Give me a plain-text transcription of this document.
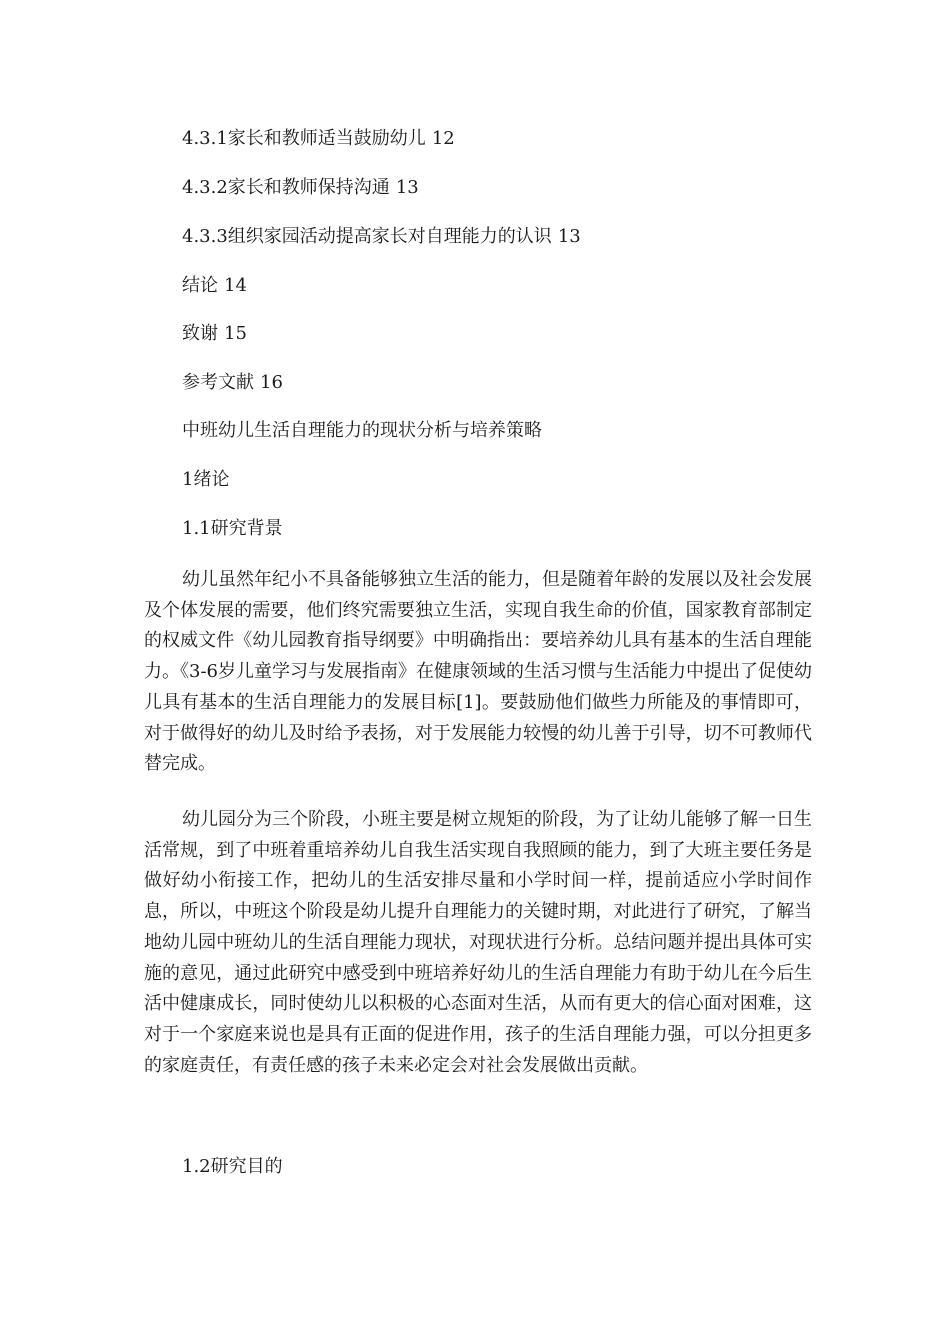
4.3.1家长和教师适当鼓励幼儿 12
4.3.2家长和教师保持沟通 13
4.3.3组织家园活动提高家长对自理能力的认识 13
结论 14
致谢 15
参考文献 16
中班幼儿生活自理能力的现状分析与培养策略
1绪论
1.1研究背景

幼儿虽然年纪小不具备能够独立生活的能力，但是随着年龄的发展以及社会发展及个体发展的需要，他们终究需要独立生活，实现自我生命的价值，国家教育部制定的权威文件《幼儿园教育指导纲要》中明确指出：要培养幼儿具有基本的生活自理能力。《3-6岁儿童学习与发展指南》在健康领域的生活习惯与生活能力中提出了促使幼儿具有基本的生活自理能力的发展目标[1]。要鼓励他们做些力所能及的事情即可，对于做得好的幼儿及时给予表扬，对于发展能力较慢的幼儿善于引导，切不可教师代替完成。

幼儿园分为三个阶段，小班主要是树立规矩的阶段，为了让幼儿能够了解一日生活常规，到了中班着重培养幼儿自我生活实现自我照顾的能力，到了大班主要任务是做好幼小衔接工作，把幼儿的生活安排尽量和小学时间一样，提前适应小学时间作息，所以，中班这个阶段是幼儿提升自理能力的关键时期，对此进行了研究，了解当地幼儿园中班幼儿的生活自理能力现状，对现状进行分析。总结问题并提出具体可实施的意见，通过此研究中感受到中班培养好幼儿的生活自理能力有助于幼儿在今后生活中健康成长，同时使幼儿以积极的心态面对生活，从而有更大的信心面对困难，这对于一个家庭来说也是具有正面的促进作用，孩子的生活自理能力强，可以分担更多的家庭责任，有责任感的孩子未来必定会对社会发展做出贡献。

1.2研究目的
